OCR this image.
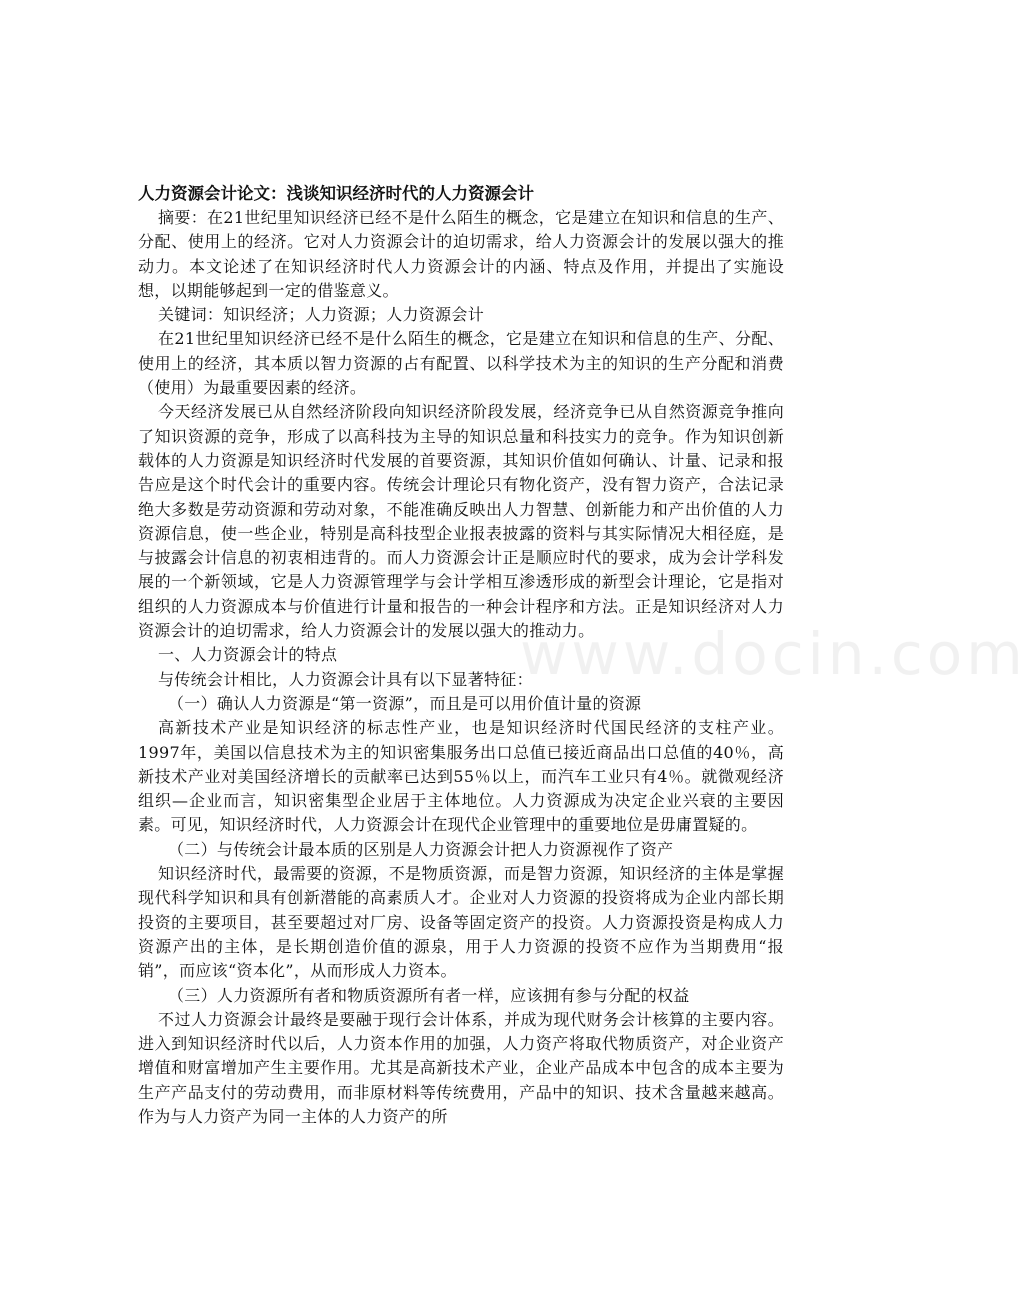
www.docin.com

人力资源会计论文：浅谈知识经济时代的人力资源会计

摘要：在21世纪里知识经济已经不是什么陌生的概念，它是建立在知识和信息的生产、分配、使用上的经济。它对人力资源会计的迫切需求，给人力资源会计的发展以强大的推动力。本文论述了在知识经济时代人力资源会计的内涵、特点及作用，并提出了实施设想，以期能够起到一定的借鉴意义。

关键词：知识经济；人力资源；人力资源会计

在21世纪里知识经济已经不是什么陌生的概念，它是建立在知识和信息的生产、分配、使用上的经济，其本质以智力资源的占有配置、以科学技术为主的知识的生产分配和消费（使用）为最重要因素的经济。

今天经济发展已从自然经济阶段向知识经济阶段发展，经济竞争已从自然资源竞争推向了知识资源的竞争，形成了以高科技为主导的知识总量和科技实力的竞争。作为知识创新载体的人力资源是知识经济时代发展的首要资源，其知识价值如何确认、计量、记录和报告应是这个时代会计的重要内容。传统会计理论只有物化资产，没有智力资产，合法记录绝大多数是劳动资源和劳动对象，不能准确反映出人力智慧、创新能力和产出价值的人力资源信息，使一些企业，特别是高科技型企业报表披露的资料与其实际情况大相径庭，是与披露会计信息的初衷相违背的。而人力资源会计正是顺应时代的要求，成为会计学科发展的一个新领域，它是人力资源管理学与会计学相互渗透形成的新型会计理论，它是指对组织的人力资源成本与价值进行计量和报告的一种会计程序和方法。正是知识经济对人力资源会计的迫切需求，给人力资源会计的发展以强大的推动力。

一、人力资源会计的特点

与传统会计相比，人力资源会计具有以下显著特征：

（一）确认人力资源是“第一资源”，而且是可以用价值计量的资源

高新技术产业是知识经济的标志性产业，也是知识经济时代国民经济的支柱产业。1997年，美国以信息技术为主的知识密集服务出口总值已接近商品出口总值的40％，高新技术产业对美国经济增长的贡献率已达到55％以上，而汽车工业只有4％。就微观经济组织—企业而言，知识密集型企业居于主体地位。人力资源成为决定企业兴衰的主要因素。可见，知识经济时代，人力资源会计在现代企业管理中的重要地位是毋庸置疑的。

（二）与传统会计最本质的区别是人力资源会计把人力资源视作了资产

知识经济时代，最需要的资源，不是物质资源，而是智力资源，知识经济的主体是掌握现代科学知识和具有创新潜能的高素质人才。企业对人力资源的投资将成为企业内部长期投资的主要项目，甚至要超过对厂房、设备等固定资产的投资。人力资源投资是构成人力资源产出的主体，是长期创造价值的源泉，用于人力资源的投资不应作为当期费用“报销”，而应该“资本化”，从而形成人力资本。

（三）人力资源所有者和物质资源所有者一样，应该拥有参与分配的权益

不过人力资源会计最终是要融于现行会计体系，并成为现代财务会计核算的主要内容。进入到知识经济时代以后，人力资本作用的加强，人力资产将取代物质资产，对企业资产增值和财富增加产生主要作用。尤其是高新技术产业，企业产品成本中包含的成本主要为生产产品支付的劳动费用，而非原材料等传统费用，产品中的知识、技术含量越来越高。作为与人力资产为同一主体的人力资产的所
